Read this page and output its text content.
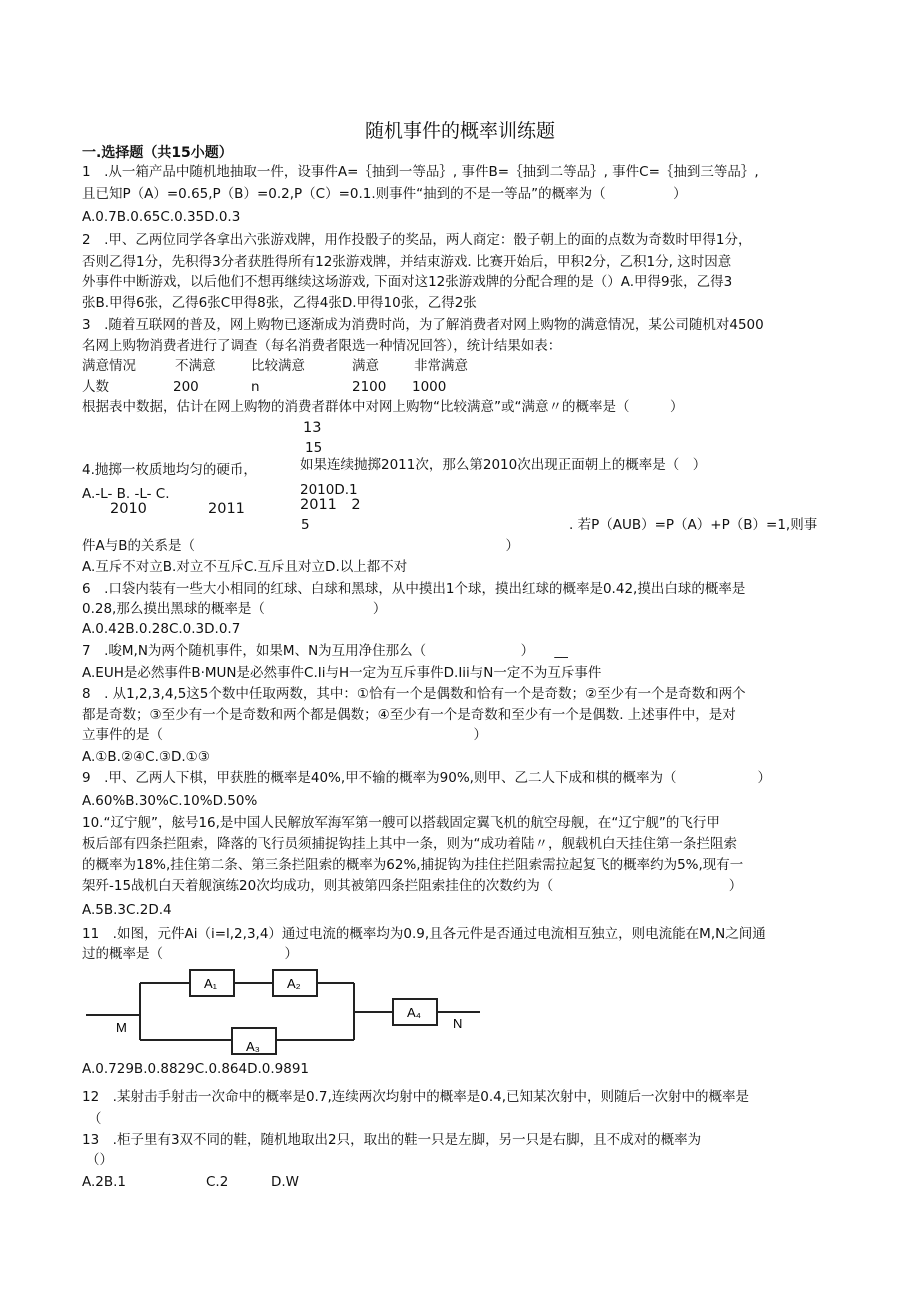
随机事件的概率训练题
一.选择题（共15小题）
1　.从一箱产品中随机地抽取一件，设事件A=｛抽到一等品｝, 事件B=｛抽到二等品｝, 事件C=｛抽到三等品｝,
且已知P（A）=0.65,P（B）=0.2,P（C）=0.1.则事件“抽到的不是一等品”的概率为（　　　　　）
A.0.7B.0.65C.0.35D.0.3
2　.甲、乙两位同学各拿出六张游戏牌，用作投骰子的奖品，两人商定：骰子朝上的面的点数为奇数时甲得1分，
否则乙得1分，先积得3分者获胜得所有12张游戏牌，并结束游戏. 比赛开始后，甲积2分，乙积1分, 这时因意
外事件中断游戏，以后他们不想再继续这场游戏, 下面对这12张游戏牌的分配合理的是（）A.甲得9张，乙得3
张B.甲得6张，乙得6张C甲得8张，乙得4张D.甲得10张，乙得2张
3　.随着互联网的普及，网上购物已逐渐成为消费时尚，为了解消费者对网上购物的满意情况，某公司随机对4500
名网上购物消费者进行了调查（每名消费者限选一种情况回答），统计结果如表：
满意情况	不满意	比较满意	满意	非常满意
人数	200	n	2100 1000
根据表中数据，估计在网上购物的消费者群体中对网上购物“比较满意”或“满意〃的概率是（　　　）
13
15
4.抛掷一枚质地均匀的硬币，	如果连续抛掷2011次，那么第2010次出现正面朝上的概率是（　）
A.-L- B. -L- C.	2010D.1
2010	2011	2011　2
5	. 若P（AUB）=P（A）+P（B）=1,则事
件A与B的关系是（　　　　　　　　　　　　　　　　　　　　　　　）
A.互斥不对立B.对立不互斥C.互斥且对立D.以上都不对
6　.口袋内装有一些大小相同的红球、白球和黑球，从中摸出1个球，摸出红球的概率是0.42,摸出白球的概率是
0.28,那么摸出黑球的概率是（　　　　　　　　）
A.0.42B.0.28C.0.3D.0.7
7　.唆M,N为两个随机事件，如果M、N为互用净住那么（　　　　　　　）　　__
A.EUH是必然事件B·MUN是必然事件C.Ii与H一定为互斥事件D.Iii与N一定不为互斥事件
8　. 从1,2,3,4,5这5个数中任取两数，其中：①恰有一个是偶数和恰有一个是奇数；②至少有一个是奇数和两个
都是奇数；③至少有一个是奇数和两个都是偶数；④至少有一个是奇数和至少有一个是偶数. 上述事件中，是对
立事件的是（　　　　　　　　　　　　　　　　　　　　　　　）
A.①B.②④C.③D.①③
9　.甲、乙两人下棋，甲获胜的概率是40%,甲不输的概率为90%,则甲、乙二人下成和棋的概率为（　　　　　　）
A.60%B.30%C.10%D.50%
10.“辽宁舰”，舷号16,是中国人民解放军海军第一艘可以搭载固定翼飞机的航空母舰，在“辽宁舰”的飞行甲
板后部有四条拦阻索，降落的飞行员须捕捉钩挂上其中一条，则为“成功着陆〃，舰载机白天挂住第一条拦阻索
的概率为18%,挂住第二条、第三条拦阻索的概率为62%,捕捉钩为挂住拦阻索需拉起复飞的概率约为5%,现有一
架歼-15战机白天着舰演练20次均成功，则其被第四条拦阻索挂住的次数约为（　　　　　　　　　　　　　）
A.5B.3C.2D.4
11　.如图，元件Ai（i=l,2,3,4）通过电流的概率均为0.9,且各元件是否通过电流相互独立，则电流能在M,N之间通
过的概率是（　　　　　　　　　）
A₁	A₂
A₃
A₄
M	N
A.0.729B.0.8829C.0.864D.0.9891
12　.某射击手射击一次命中的概率是0.7,连续两次均射中的概率是0.4,已知某次射中，则随后一次射中的概率是
（
13　.柜子里有3双不同的鞋，随机地取出2只，取出的鞋一只是左脚，另一只是右脚，且不成对的概率为
（）
A.2B.1	C.2	D.W
